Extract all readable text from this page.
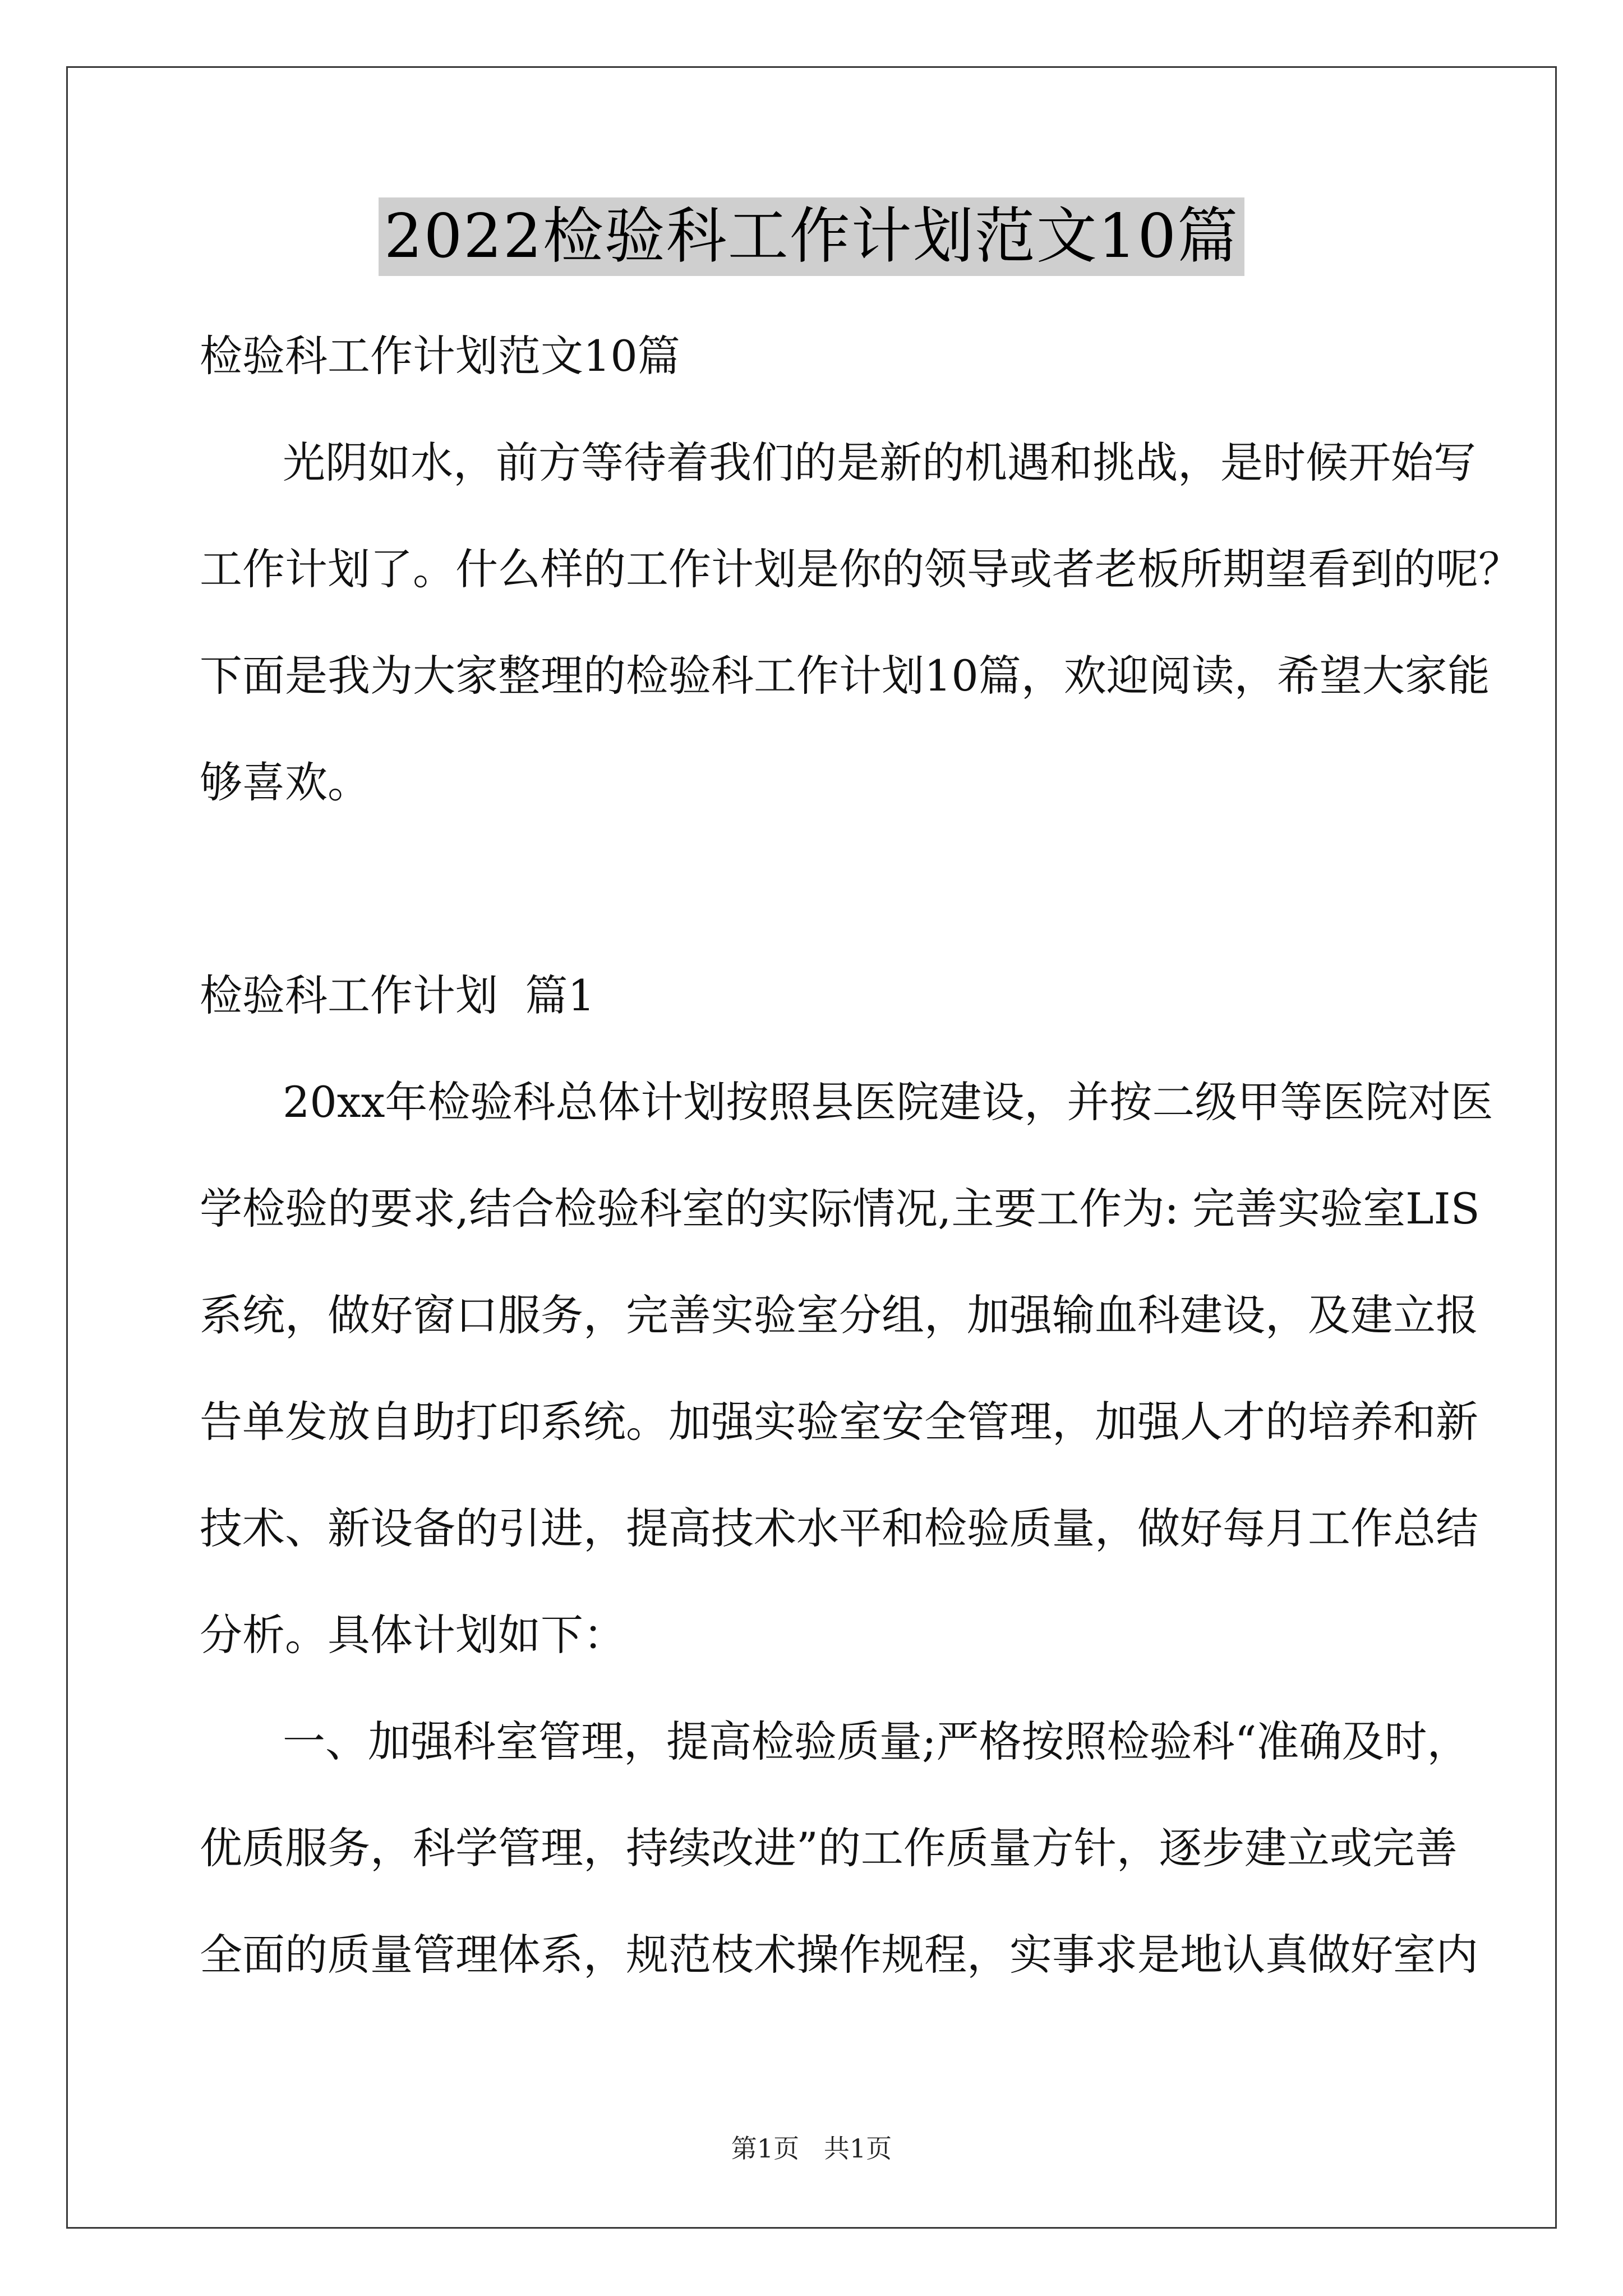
2022检验科工作计划范文10篇
检验科工作计划范文10篇
光阴如水，前方等待着我们的是新的机遇和挑战，是时候开始写
工作计划了。什么样的工作计划是你的领导或者老板所期望看到的呢？
下面是我为大家整理的检验科工作计划10篇，欢迎阅读，希望大家能
够喜欢。
检验科工作计划  篇1
20xx年检验科总体计划按照县医院建设，并按二级甲等医院对医
学检验的要求,结合检验科室的实际情况,主要工作为: 完善实验室LIS
系统，做好窗口服务，完善实验室分组，加强输血科建设，及建立报
告单发放自助打印系统。加强实验室安全管理，加强人才的培养和新
技术、新设备的引进，提高技术水平和检验质量，做好每月工作总结
分析。具体计划如下：
一、加强科室管理，提高检验质量;严格按照检验科“准确及时，
优质服务，科学管理，持续改进”的工作质量方针，逐步建立或完善
全面的质量管理体系，规范枝术操作规程，实事求是地认真做好室内
第1页   共1页
